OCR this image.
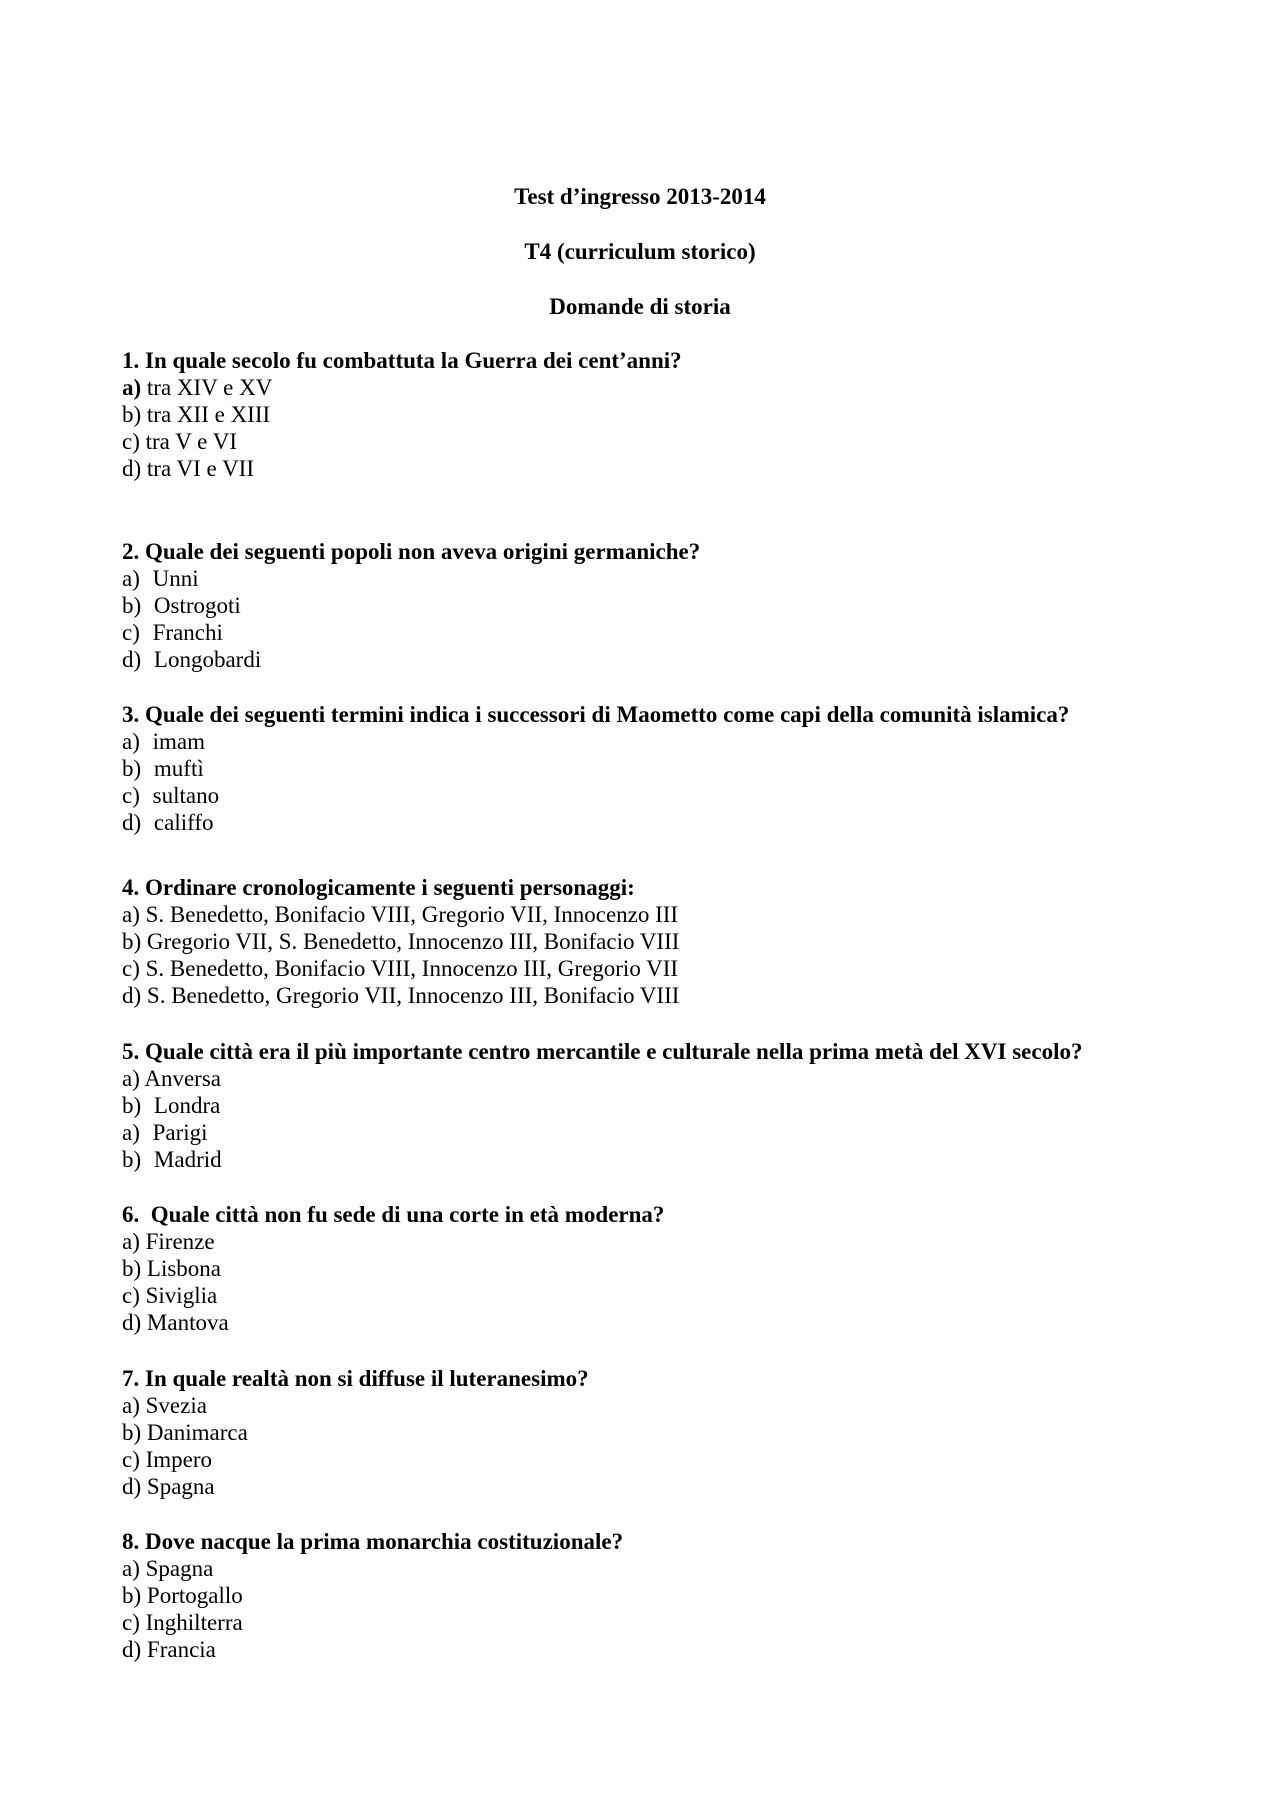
Test d’ingresso 2013-2014
T4 (curriculum storico)
Domande di storia
1. In quale secolo fu combattuta la Guerra dei cent’anni?
a) tra XIV e XV
b) tra XII e XIII
c) tra V e VI
d) tra VI e VII
2. Quale dei seguenti popoli non aveva origini germaniche?
a) Unni
b) Ostrogoti
c) Franchi
d) Longobardi
3. Quale dei seguenti termini indica i successori di Maometto come capi della comunità islamica?
a) imam
b) muftì
c) sultano
d) califfo
4. Ordinare cronologicamente i seguenti personaggi:
a) S. Benedetto, Bonifacio VIII, Gregorio VII, Innocenzo III
b) Gregorio VII, S. Benedetto, Innocenzo III, Bonifacio VIII
c) S. Benedetto, Bonifacio VIII, Innocenzo III, Gregorio VII
d) S. Benedetto, Gregorio VII, Innocenzo III, Bonifacio VIII
5. Quale città era il più importante centro mercantile e culturale nella prima metà del XVI secolo?
a) Anversa
b) Londra
a) Parigi
b) Madrid
6.  Quale città non fu sede di una corte in età moderna?
a) Firenze
b) Lisbona
c) Siviglia
d) Mantova
7. In quale realtà non si diffuse il luteranesimo?
a) Svezia
b) Danimarca
c) Impero
d) Spagna
8. Dove nacque la prima monarchia costituzionale?
a) Spagna
b) Portogallo
c) Inghilterra
d) Francia
